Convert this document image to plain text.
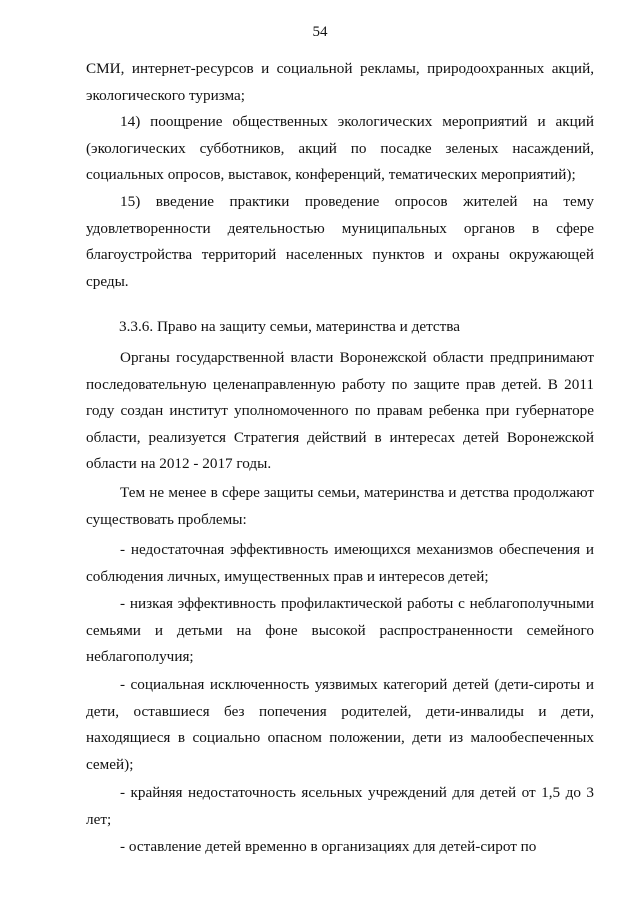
54

СМИ, интернет-ресурсов и социальной рекламы, природоохранных акций, экологического туризма;

14) поощрение общественных экологических мероприятий и акций (экологических субботников, акций по посадке зеленых насаждений, социальных опросов, выставок, конференций, тематических мероприятий);

15) введение практики проведение опросов жителей на тему удовлетворенности деятельностью муниципальных органов в сфере благоустройства территорий населенных пунктов и охраны окружающей среды.

3.3.6. Право на защиту семьи, материнства и детства

Органы государственной власти Воронежской области предпринимают последовательную целенаправленную работу по защите прав детей. В 2011 году создан институт уполномоченного по правам ребенка при губернаторе области, реализуется Стратегия действий в интересах детей Воронежской области на 2012 - 2017 годы.

Тем не менее в сфере защиты семьи, материнства и детства продолжают существовать проблемы:

- недостаточная эффективность имеющихся механизмов обеспечения и соблюдения личных, имущественных прав и интересов детей;

- низкая эффективность профилактической работы с неблагополучными семьями и детьми на фоне высокой распространенности семейного неблагополучия;

- социальная исключенность уязвимых категорий детей (дети-сироты и дети, оставшиеся без попечения родителей, дети-инвалиды и дети, находящиеся в социально опасном положении, дети из малообеспеченных семей);

- крайняя недостаточность ясельных учреждений для детей от 1,5 до 3 лет;

- оставление детей временно в организациях для детей-сирот по
